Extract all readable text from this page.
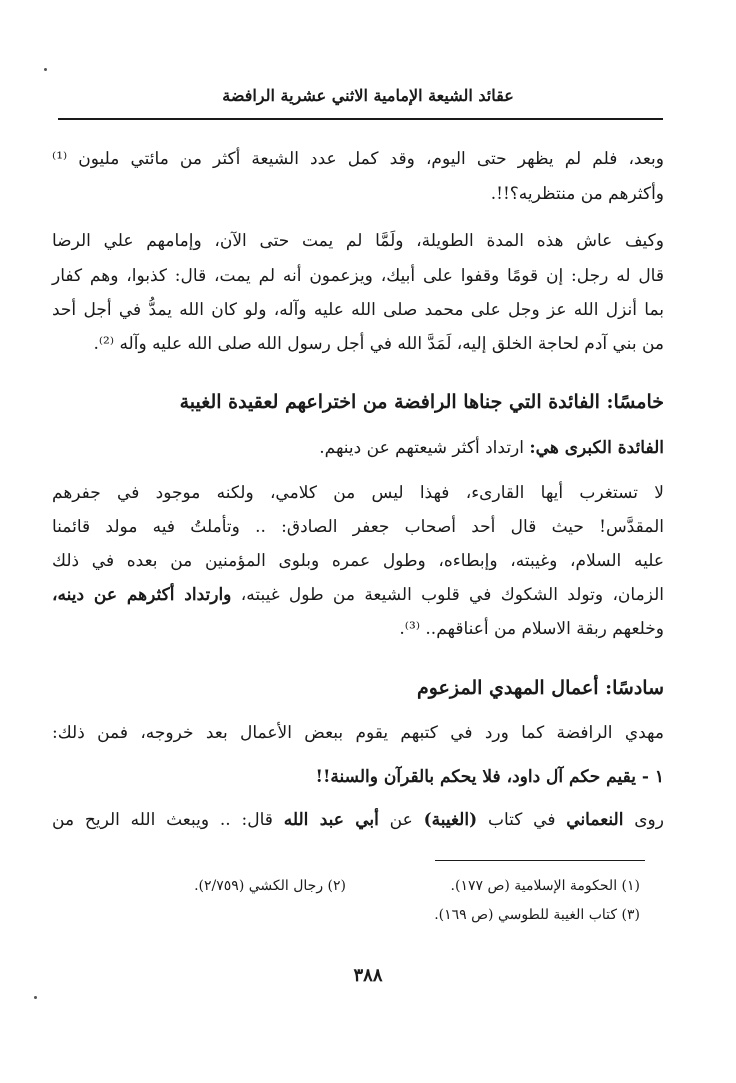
عقائد الشيعة الإمامية الاثني عشرية الرافضة
وبعد، فلم لم يظهر حتى اليوم، وقد كمل عدد الشيعة أكثر من مائتي مليون ⁽¹⁾
وأكثرهم من منتظريه؟!!.
وكيف عاش هذه المدة الطويلة، ولَمَّا لم يمت حتى الآن، وإمامهم علي الرضا
قال له رجل: إن قومًا وقفوا على أبيك، ويزعمون أنه لم يمت، قال: كذبوا، وهم كفار
بما أنزل الله عز وجل على محمد صلى الله عليه وآله، ولو كان الله يمدُّ في أجل أحد
من بني آدم لحاجة الخلق إليه، لَمَدَّ الله في أجل رسول الله صلى الله عليه وآله ⁽²⁾.
خامسًا: الفائدة التي جناها الرافضة من اختراعهم لعقيدة الغيبة
الفائدة الكبرى هي: ارتداد أكثر شيعتهم عن دينهم.
لا تستغرب أيها القارىء، فهذا ليس من كلامي، ولكنه موجود في جفرهم
المقدَّس! حيث قال أحد أصحاب جعفر الصادق: .. وتأملتُ فيه مولد قائمنا
عليه السلام، وغيبته، وإبطاءه، وطول عمره وبلوى المؤمنين من بعده في ذلك
الزمان، وتولد الشكوك في قلوب الشيعة من طول غيبته، وارتداد أكثرهم عن دينه،
وخلعهم ربقة الاسلام من أعناقهم.. ⁽³⁾.
سادسًا: أعمال المهدي المزعوم
مهدي الرافضة كما ورد في كتبهم يقوم ببعض الأعمال بعد خروجه، فمن ذلك:
١ - يقيم حكم آل داود، فلا يحكم بالقرآن والسنة!!
روى النعماني في كتاب (الغيبة) عن أبي عبد الله قال: .. ويبعث الله الريح من
(١) الحكومة الإسلامية (ص ١٧٧).
(٢) رجال الكشي (٢/٧٥٩).
(٣) كتاب الغيبة للطوسي (ص ١٦٩).
٣٨٨
